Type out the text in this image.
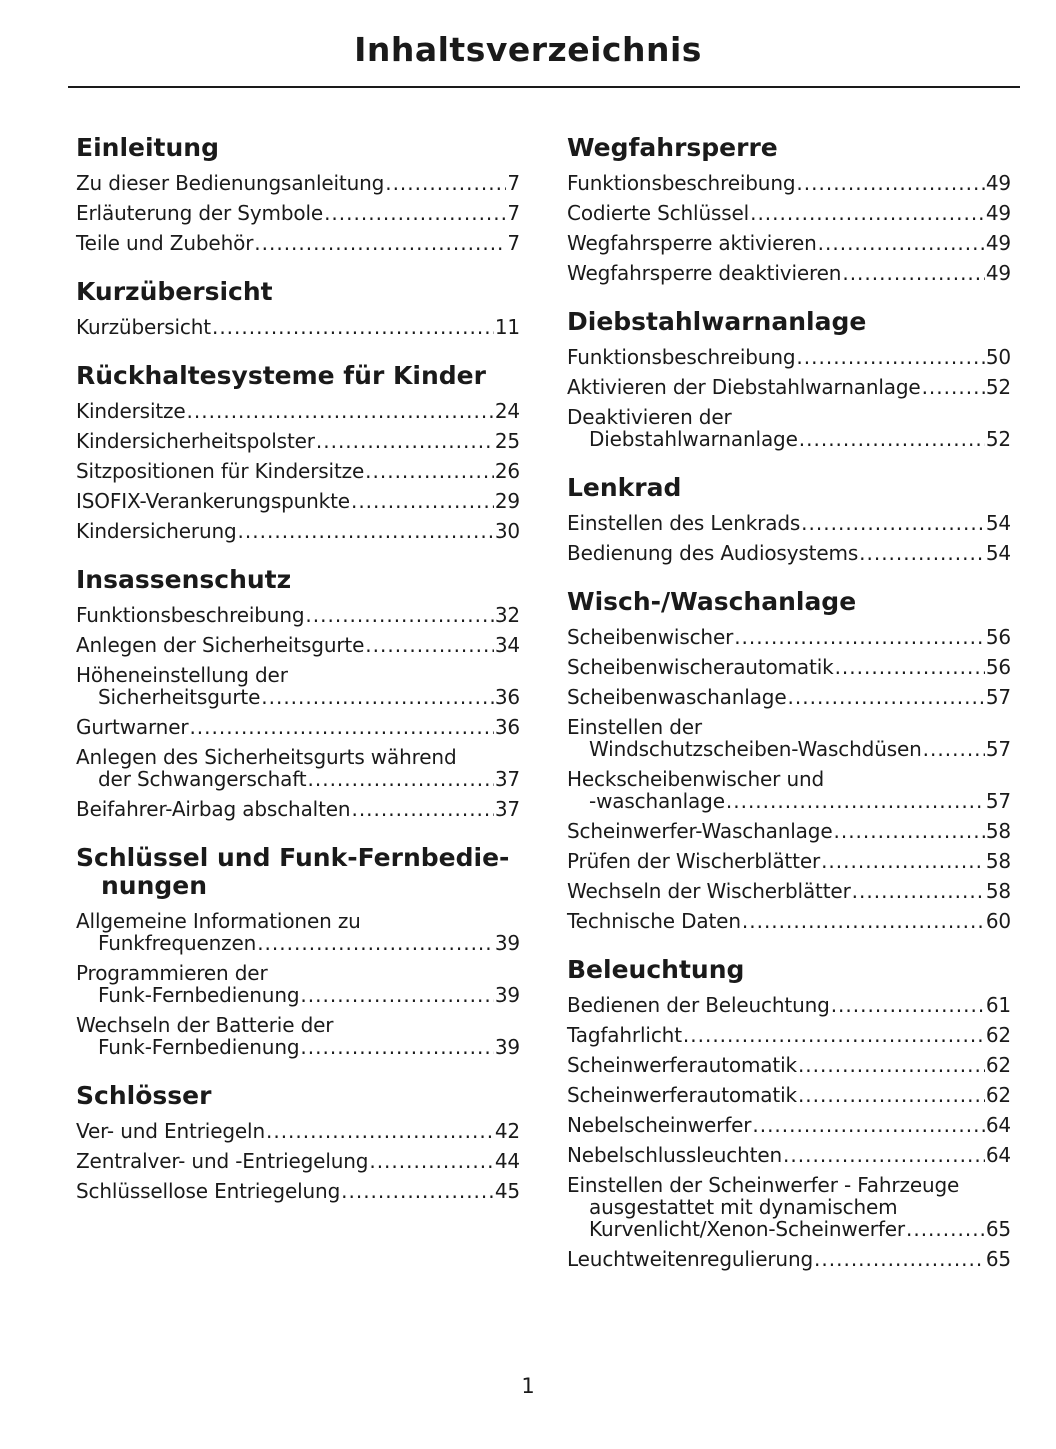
Inhaltsverzeichnis
Einleitung
Zu dieser Bedienungsanleitung .....	7
Erläuterung der Symbole .....	7
Teile und Zubehör .....	7
Kurzübersicht
Kurzübersicht .....	11
Rückhaltesysteme für Kinder
Kindersitze .....	24
Kindersicherheitspolster .....	25
Sitzpositionen für Kindersitze .....	26
ISOFIX-Verankerungspunkte .....	29
Kindersicherung .....	30
Insassenschutz
Funktionsbeschreibung .....	32
Anlegen der Sicherheitsgurte .....	34
Höheneinstellung der
Sicherheitsgurte .....	36
Gurtwarner .....	36
Anlegen des Sicherheitsgurts während
der Schwangerschaft .....	37
Beifahrer-Airbag abschalten .....	37
Schlüssel und Funk-Fernbedie-nungen
Allgemeine Informationen zu
Funkfrequenzen .....	39
Programmieren der
Funk-Fernbedienung .....	39
Wechseln der Batterie der
Funk-Fernbedienung .....	39
Schlösser
Ver- und Entriegeln .....	42
Zentralver- und -Entriegelung .....	44
Schlüssellose Entriegelung .....	45
Wegfahrsperre
Funktionsbeschreibung .....	49
Codierte Schlüssel .....	49
Wegfahrsperre aktivieren .....	49
Wegfahrsperre deaktivieren .....	49
Diebstahlwarnanlage
Funktionsbeschreibung .....	50
Aktivieren der Diebstahlwarnanlage .....	52
Deaktivieren der
Diebstahlwarnanlage .....	52
Lenkrad
Einstellen des Lenkrads .....	54
Bedienung des Audiosystems .....	54
Wisch-/Waschanlage
Scheibenwischer .....	56
Scheibenwischerautomatik .....	56
Scheibenwaschanlage .....	57
Einstellen der
Windschutzscheiben-Waschdüsen .....	57
Heckscheibenwischer und
-waschanlage .....	57
Scheinwerfer-Waschanlage .....	58
Prüfen der Wischerblätter .....	58
Wechseln der Wischerblätter .....	58
Technische Daten .....	60
Beleuchtung
Bedienen der Beleuchtung .....	61
Tagfahrlicht .....	62
Scheinwerferautomatik .....	62
Scheinwerferautomatik .....	62
Nebelscheinwerfer .....	64
Nebelschlussleuchten .....	64
Einstellen der Scheinwerfer - Fahrzeuge
ausgestattet mit dynamischem
Kurvenlicht/Xenon-Scheinwerfer .....	65
Leuchtweitenregulierung .....	65
1
